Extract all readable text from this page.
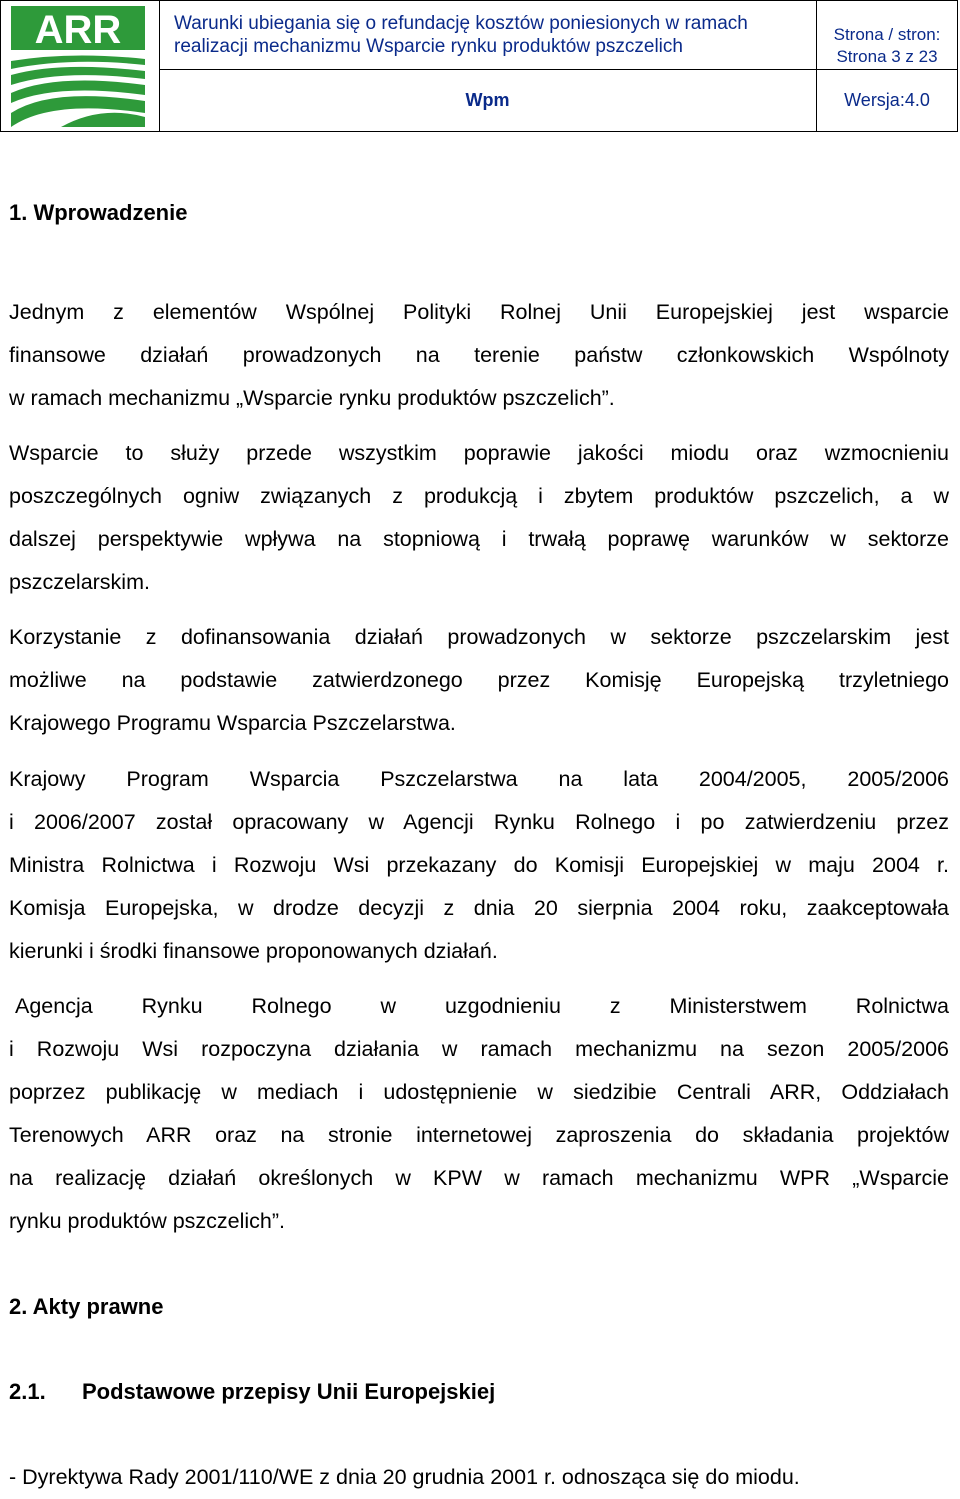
ARR	Warunki ubiegania się o refundację kosztów poniesionych w ramach
realizacji mechanizmu Wsparcie rynku produktów pszczelich
Strona / stron:
Strona 3 z 23
Wpm	Wersja:4.0
1. Wprowadzenie
Jednym z elementów Wspólnej Polityki Rolnej Unii Europejskiej jest wsparcie
finansowe działań prowadzonych na terenie państw członkowskich Wspólnoty
w ramach mechanizmu „Wsparcie rynku produktów pszczelich”.
Wsparcie to służy przede wszystkim poprawie jakości miodu oraz wzmocnieniu
poszczególnych ogniw związanych z produkcją i zbytem produktów pszczelich, a w
dalszej perspektywie wpływa na stopniową i trwałą poprawę warunków w sektorze
pszczelarskim.
Korzystanie z dofinansowania działań prowadzonych w sektorze pszczelarskim jest
możliwe na podstawie zatwierdzonego przez Komisję Europejską trzyletniego
Krajowego Programu Wsparcia Pszczelarstwa.
Krajowy Program Wsparcia Pszczelarstwa na lata 2004/2005, 2005/2006
i 2006/2007 został opracowany w Agencji Rynku Rolnego i po zatwierdzeniu przez
Ministra Rolnictwa i Rozwoju Wsi przekazany do Komisji Europejskiej w maju 2004 r.
Komisja Europejska, w drodze decyzji z dnia 20 sierpnia 2004 roku, zaakceptowała
kierunki i środki finansowe proponowanych działań.
Agencja Rynku Rolnego w uzgodnieniu z Ministerstwem Rolnictwa
i Rozwoju Wsi rozpoczyna działania w ramach mechanizmu na sezon 2005/2006
poprzez publikację w mediach i udostępnienie w siedzibie Centrali ARR, Oddziałach
Terenowych ARR oraz na stronie internetowej zaproszenia do składania projektów
na realizację działań określonych w KPW w ramach mechanizmu WPR „Wsparcie
rynku produktów pszczelich”.
2. Akty prawne
2.1. Podstawowe przepisy Unii Europejskiej
- Dyrektywa Rady 2001/110/WE z dnia 20 grudnia 2001 r. odnosząca się do miodu.
